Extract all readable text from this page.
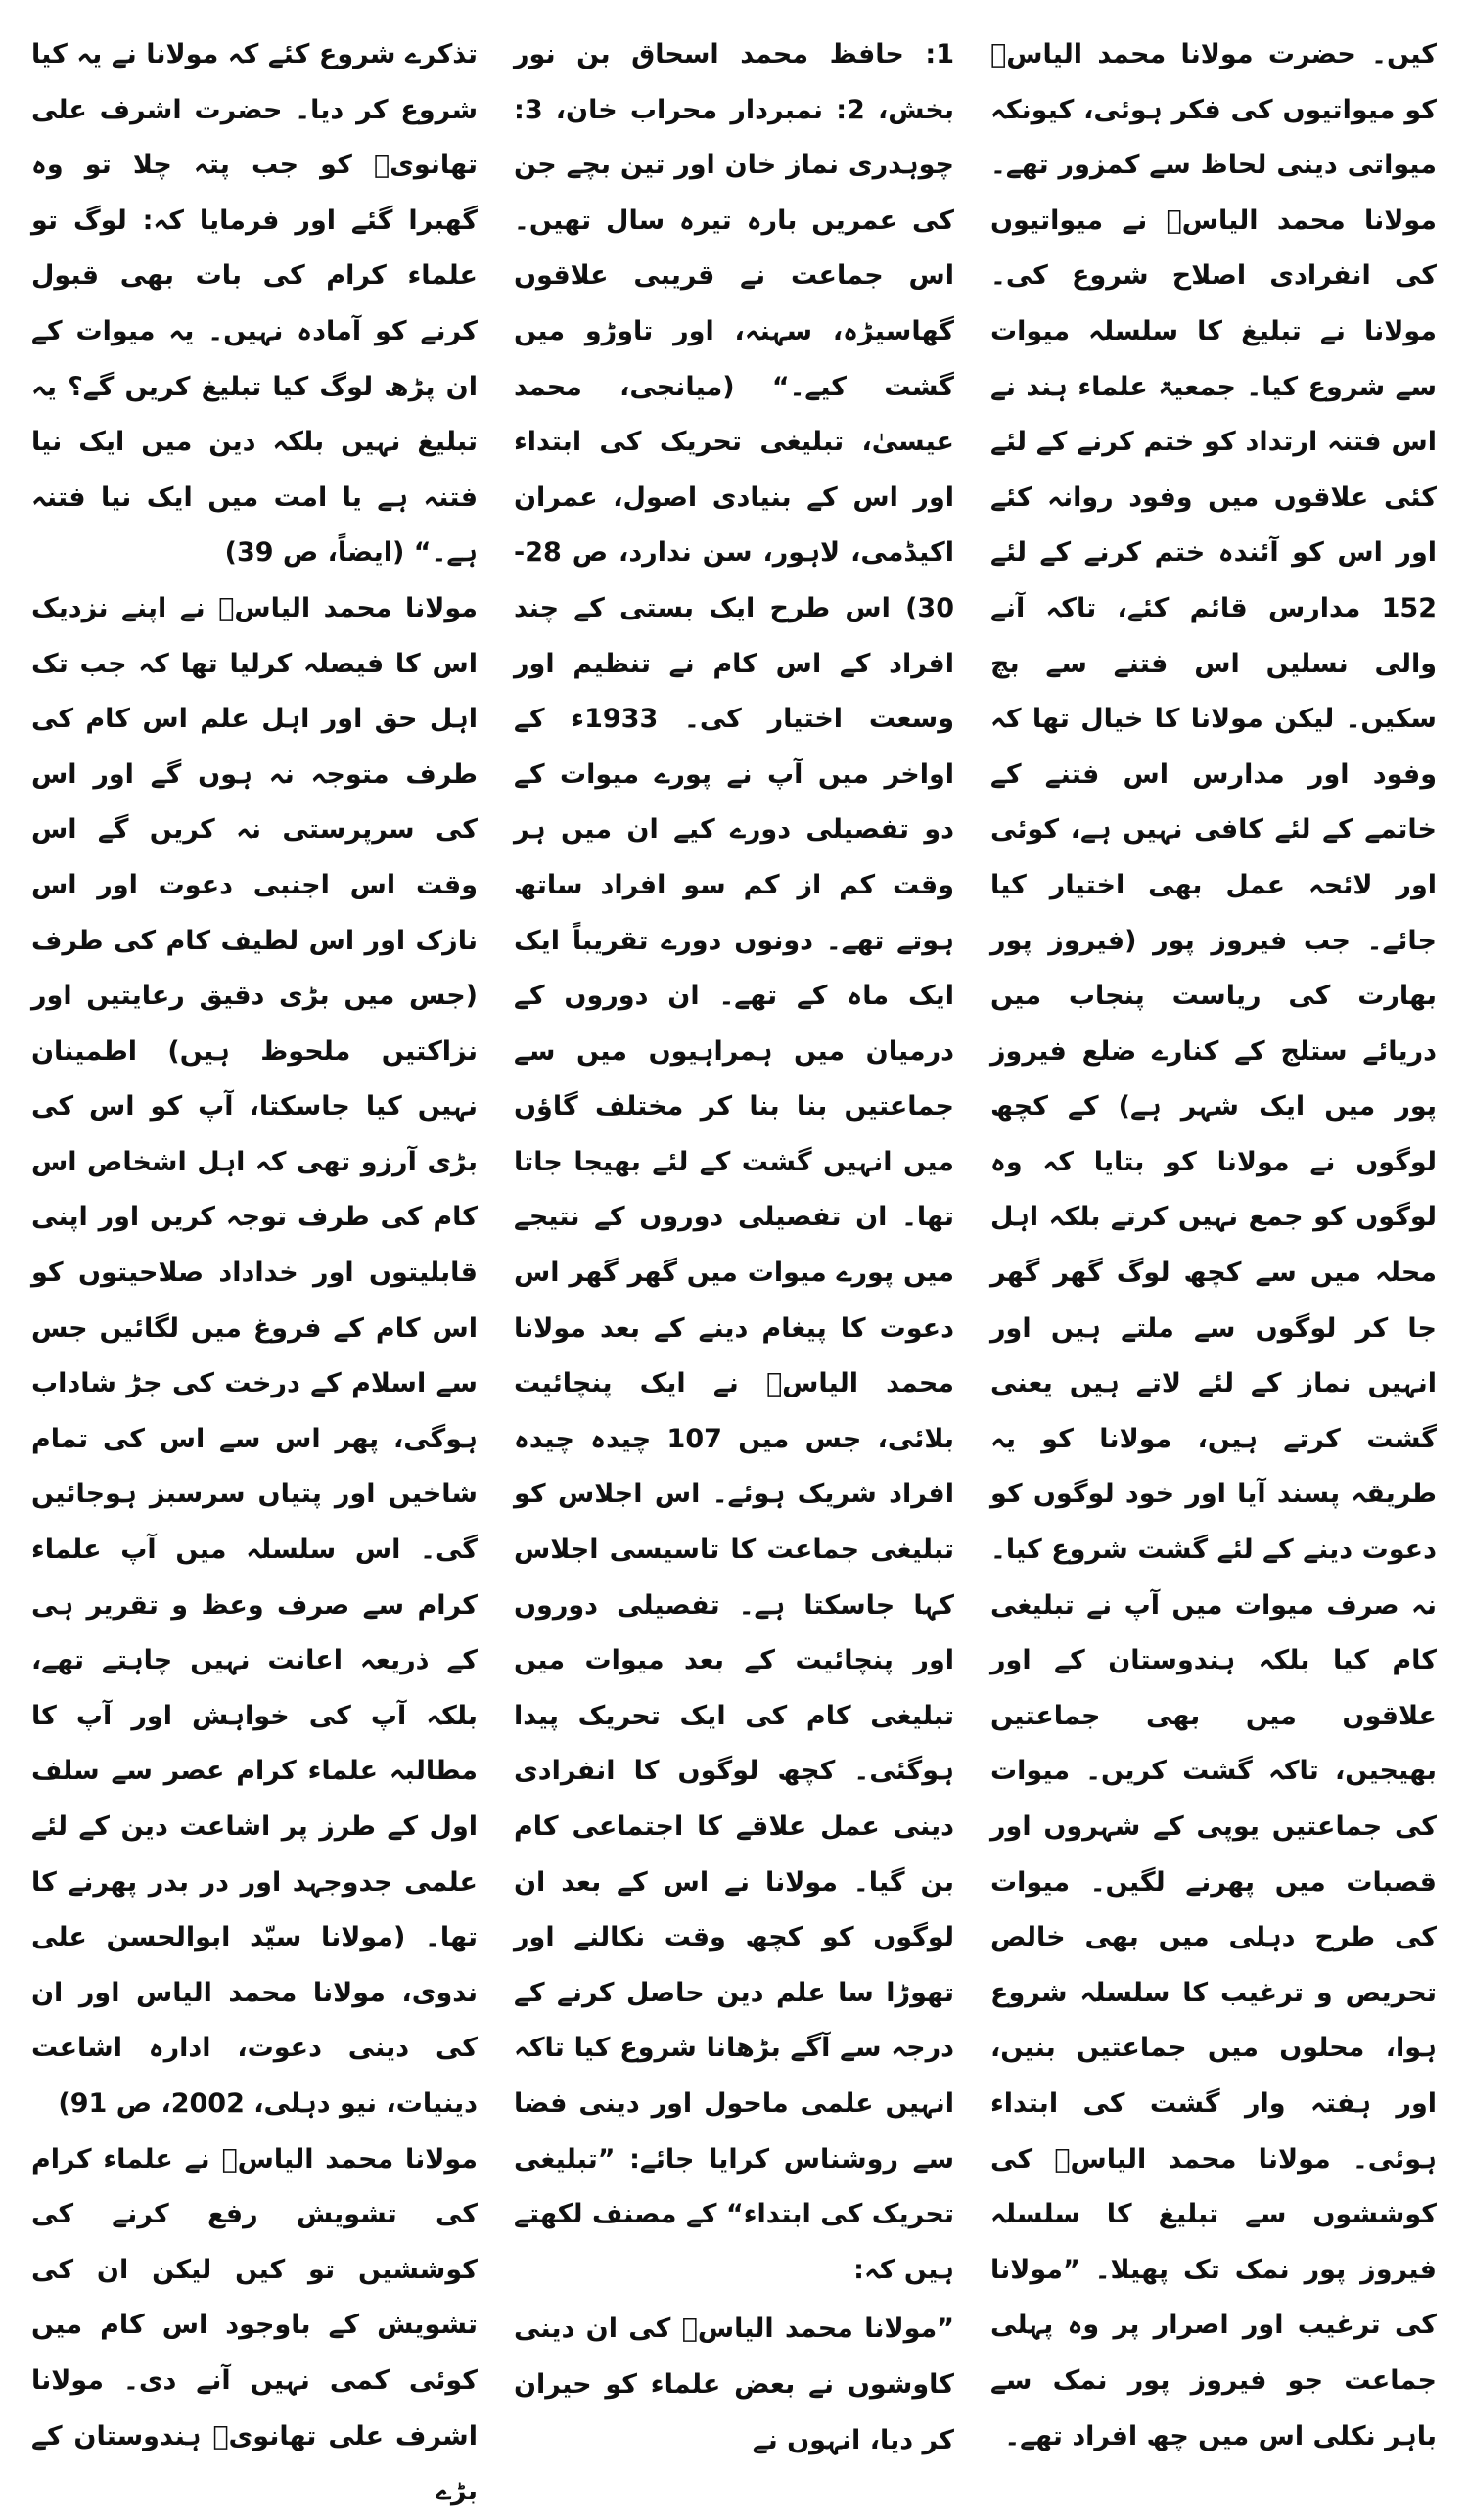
کیں۔ حضرت مولانا محمد الیاسؒ کو میواتیوں کی فکر ہوئی، کیونکہ میواتی دینی لحاظ سے کمزور تھے۔ مولانا محمد الیاسؒ نے میواتیوں کی انفرادی اصلاح شروع کی۔ مولانا نے تبلیغ کا سلسلہ میوات سے شروع کیا۔ جمعیۃ علماء ہند نے اس فتنہ ارتداد کو ختم کرنے کے لئے کئی علاقوں میں وفود روانہ کئے اور اس کو آئندہ ختم کرنے کے لئے 152 مدارس قائم کئے، تاکہ آنے والی نسلیں اس فتنے سے بچ سکیں۔ لیکن مولانا کا خیال تھا کہ وفود اور مدارس اس فتنے کے خاتمے کے لئے کافی نہیں ہے، کوئی اور لائحہ عمل بھی اختیار کیا جائے۔ جب فیروز پور (فیروز پور بھارت کی ریاست پنجاب میں دریائے ستلج کے کنارے ضلع فیروز پور میں ایک شہر ہے) کے کچھ لوگوں نے مولانا کو بتایا کہ وہ لوگوں کو جمع نہیں کرتے بلکہ اہل محلہ میں سے کچھ لوگ گھر گھر جا کر لوگوں سے ملتے ہیں اور انہیں نماز کے لئے لاتے ہیں یعنی گشت کرتے ہیں، مولانا کو یہ طریقہ پسند آیا اور خود لوگوں کو دعوت دینے کے لئے گشت شروع کیا۔ نہ صرف میوات میں آپ نے تبلیغی کام کیا بلکہ ہندوستان کے اور علاقوں میں بھی جماعتیں بھیجیں، تاکہ گشت کریں۔ میوات کی جماعتیں یوپی کے شہروں اور قصبات میں پھرنے لگیں۔ میوات کی طرح دہلی میں بھی خالص تحریص و ترغیب کا سلسلہ شروع ہوا، محلوں میں جماعتیں بنیں، اور ہفتہ وار گشت کی ابتداء ہوئی۔ مولانا محمد الیاسؒ کی کوششوں سے تبلیغ کا سلسلہ فیروز پور نمک تک پھیلا۔ ”مولانا کی ترغیب اور اصرار پر وہ پہلی جماعت جو فیروز پور نمک سے باہر نکلی اس میں چھ افراد تھے۔

1: حافظ محمد اسحاق بن نور بخش، 2: نمبردار محراب خان، 3: چوہدری نماز خان اور تین بچے جن کی عمریں بارہ تیرہ سال تھیں۔ اس جماعت نے قریبی علاقوں گھاسیڑہ، سہنہ، اور تاوڑو میں گشت کیے۔“ (میانجی، محمد عیسیٰ، تبلیغی تحریک کی ابتداء اور اس کے بنیادی اصول، عمران اکیڈمی، لاہور، سن ندارد، ص 28-30) اس طرح ایک بستی کے چند افراد کے اس کام نے تنظیم اور وسعت اختیار کی۔ 1933ء کے اواخر میں آپ نے پورے میوات کے دو تفصیلی دورے کیے ان میں ہر وقت کم از کم سو افراد ساتھ ہوتے تھے۔ دونوں دورے تقریباً ایک ایک ماہ کے تھے۔ ان دوروں کے درمیان میں ہمراہیوں میں سے جماعتیں بنا بنا کر مختلف گاؤں میں انہیں گشت کے لئے بھیجا جاتا تھا۔ ان تفصیلی دوروں کے نتیجے میں پورے میوات میں گھر گھر اس دعوت کا پیغام دینے کے بعد مولانا محمد الیاسؒ نے ایک پنچائیت بلائی، جس میں 107 چیدہ چیدہ افراد شریک ہوئے۔ اس اجلاس کو تبلیغی جماعت کا تاسیسی اجلاس کہا جاسکتا ہے۔ تفصیلی دوروں اور پنچائیت کے بعد میوات میں تبلیغی کام کی ایک تحریک پیدا ہوگئی۔ کچھ لوگوں کا انفرادی دینی عمل علاقے کا اجتماعی کام بن گیا۔ مولانا نے اس کے بعد ان لوگوں کو کچھ وقت نکالنے اور تھوڑا سا علم دین حاصل کرنے کے درجہ سے آگے بڑھانا شروع کیا تاکہ انہیں علمی ماحول اور دینی فضا سے روشناس کرایا جائے: ”تبلیغی تحریک کی ابتداء“ کے مصنف لکھتے ہیں کہ:

”مولانا محمد الیاسؒ کی ان دینی کاوشوں نے بعض علماء کو حیران کر دیا، انہوں نے

تذکرے شروع کئے کہ مولانا نے یہ کیا شروع کر دیا۔ حضرت اشرف علی تھانویؒ کو جب پتہ چلا تو وہ گھبرا گئے اور فرمایا کہ: لوگ تو علماء کرام کی بات بھی قبول کرنے کو آمادہ نہیں۔ یہ میوات کے ان پڑھ لوگ کیا تبلیغ کریں گے؟ یہ تبلیغ نہیں بلکہ دین میں ایک نیا فتنہ ہے یا امت میں ایک نیا فتنہ ہے۔“ (ایضاً، ص 39)

مولانا محمد الیاسؒ نے اپنے نزدیک اس کا فیصلہ کرلیا تھا کہ جب تک اہل حق اور اہل علم اس کام کی طرف متوجہ نہ ہوں گے اور اس کی سرپرستی نہ کریں گے اس وقت اس اجنبی دعوت اور اس نازک اور اس لطیف کام کی طرف (جس میں بڑی دقیق رعایتیں اور نزاکتیں ملحوظ ہیں) اطمینان نہیں کیا جاسکتا، آپ کو اس کی بڑی آرزو تھی کہ اہل اشخاص اس کام کی طرف توجہ کریں اور اپنی قابلیتوں اور خداداد صلاحیتوں کو اس کام کے فروغ میں لگائیں جس سے اسلام کے درخت کی جڑ شاداب ہوگی، پھر اس سے اس کی تمام شاخیں اور پتیاں سرسبز ہوجائیں گی۔ اس سلسلہ میں آپ علماء کرام سے صرف وعظ و تقریر ہی کے ذریعہ اعانت نہیں چاہتے تھے، بلکہ آپ کی خواہش اور آپ کا مطالبہ علماء کرام عصر سے سلف اول کے طرز پر اشاعت دین کے لئے علمی جدوجہد اور در بدر پھرنے کا تھا۔ (مولانا سیّد ابوالحسن علی ندوی، مولانا محمد الیاس اور ان کی دینی دعوت، ادارہ اشاعت دینیات، نیو دہلی، 2002، ص 91)

مولانا محمد الیاسؒ نے علماء کرام کی تشویش رفع کرنے کی کوششیں تو کیں لیکن ان کی تشویش کے باوجود اس کام میں کوئی کمی نہیں آنے دی۔ مولانا اشرف علی تھانویؒ ہندوستان کے بڑے
